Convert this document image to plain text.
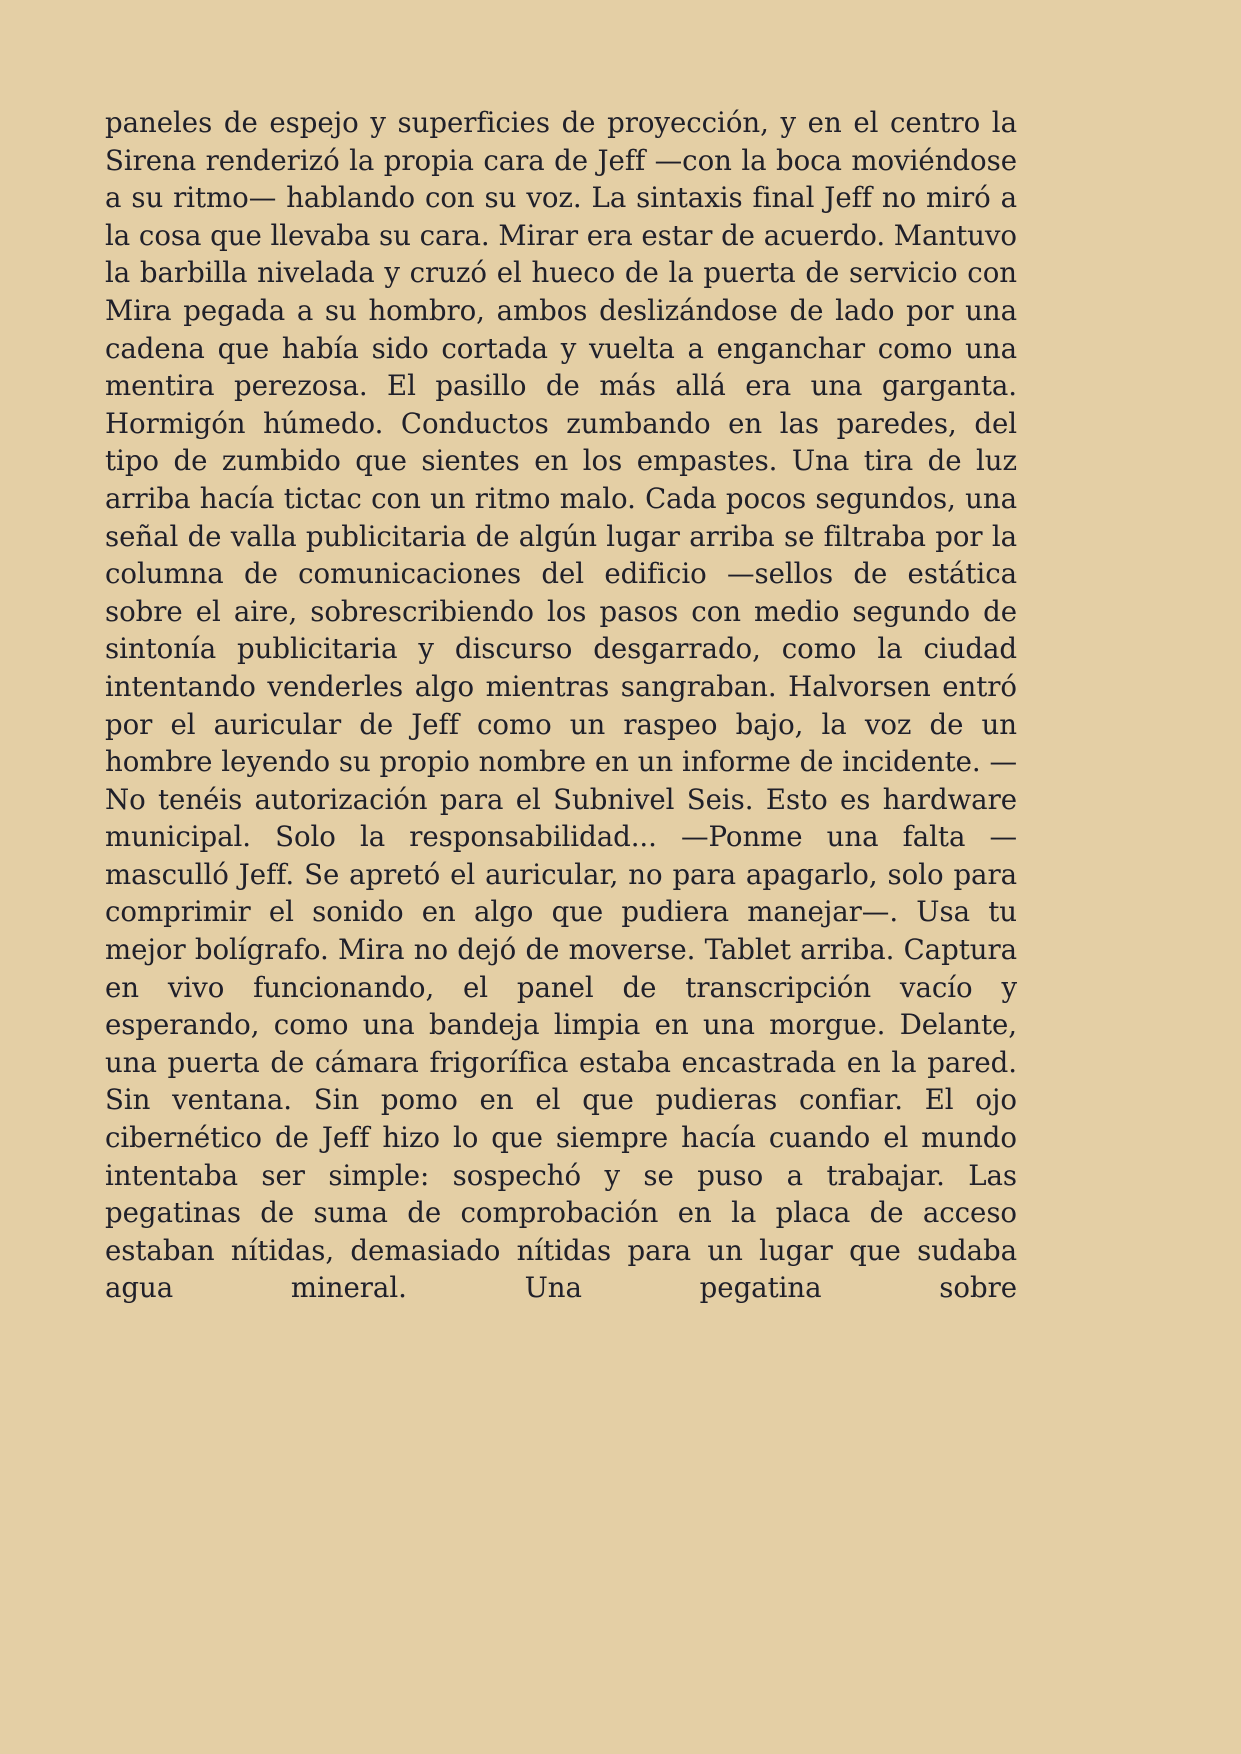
paneles de espejo y superficies de proyección, y en el centro la Sirena renderizó la propia cara de Jeff —con la boca moviéndose a su ritmo— hablando con su voz. La sintaxis final Jeff no miró a la cosa que llevaba su cara. Mirar era estar de acuerdo. Mantuvo la barbilla nivelada y cruzó el hueco de la puerta de servicio con Mira pegada a su hombro, ambos deslizándose de lado por una cadena que había sido cortada y vuelta a enganchar como una mentira perezosa. El pasillo de más allá era una garganta. Hormigón húmedo. Conductos zumbando en las paredes, del tipo de zumbido que sientes en los empastes. Una tira de luz arriba hacía tictac con un ritmo malo. Cada pocos segundos, una señal de valla publicitaria de algún lugar arriba se filtraba por la columna de comunicaciones del edificio —sellos de estática sobre el aire, sobrescribiendo los pasos con medio segundo de sintonía publicitaria y discurso desgarrado, como la ciudad intentando venderles algo mientras sangraban. Halvorsen entró por el auricular de Jeff como un raspeo bajo, la voz de un hombre leyendo su propio nombre en un informe de incidente. —No tenéis autorización para el Subnivel Seis. Esto es hardware municipal. Solo la responsabilidad... —Ponme una falta —masculló Jeff. Se apretó el auricular, no para apagarlo, solo para comprimir el sonido en algo que pudiera manejar—. Usa tu mejor bolígrafo. Mira no dejó de moverse. Tablet arriba. Captura en vivo funcionando, el panel de transcripción vacío y esperando, como una bandeja limpia en una morgue. Delante, una puerta de cámara frigorífica estaba encastrada en la pared. Sin ventana. Sin pomo en el que pudieras confiar. El ojo cibernético de Jeff hizo lo que siempre hacía cuando el mundo intentaba ser simple: sospechó y se puso a trabajar. Las pegatinas de suma de comprobación en la placa de acceso estaban nítidas, demasiado nítidas para un lugar que sudaba agua mineral. Una pegatina sobre
